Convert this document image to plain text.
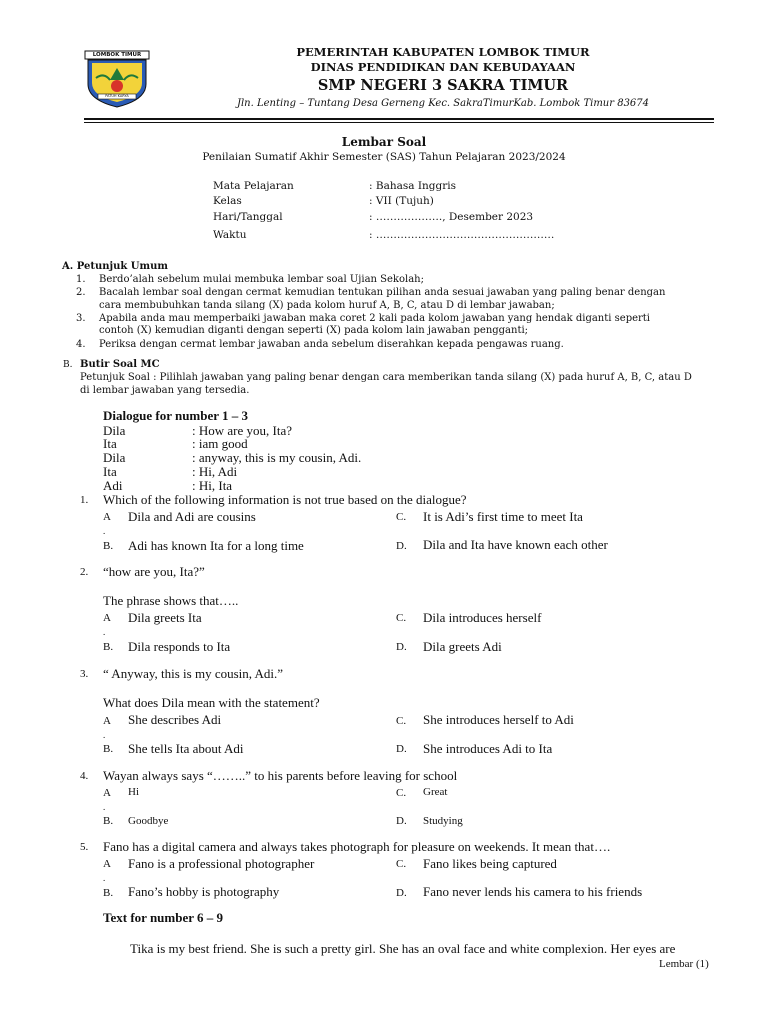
LOMBOK TIMUR
PATUH KARYA
PEMERINTAH KABUPATEN LOMBOK TIMUR
DINAS PENDIDIKAN DAN KEBUDAYAAN
SMP NEGERI 3 SAKRA TIMUR
Jln. Lenting – Tuntang Desa Gerneng Kec. SakraTimurKab. Lombok Timur 83674
Lembar Soal
Penilaian Sumatif Akhir Semester (SAS) Tahun Pelajaran 2023/2024
Mata Pelajaran	: Bahasa Inggris
Kelas	: VII (Tujuh)
Hari/Tanggal	: ………………., Desember 2023
Waktu	: ……………………………………………
A. Petunjuk Umum
1. Berdo’alah sebelum mulai membuka lembar soal Ujian Sekolah;
2. Bacalah lembar soal dengan cermat kemudian tentukan pilihan anda sesuai jawaban yang paling benar dengan
cara membubuhkan tanda silang (X) pada kolom huruf A, B, C, atau D di lembar jawaban;
3. Apabila anda mau memperbaiki jawaban maka coret 2 kali pada kolom jawaban yang hendak diganti seperti
contoh (X) kemudian diganti dengan seperti (X) pada kolom lain jawaban pengganti;
4. Periksa dengan cermat lembar jawaban anda sebelum diserahkan kepada pengawas ruang.
B. Butir Soal MC
Petunjuk Soal : Pilihlah jawaban yang paling benar dengan cara memberikan tanda silang (X) pada huruf A, B, C, atau D
di lembar jawaban yang tersedia.
Dialogue for number 1 – 3
Dila	: How are you, Ita?
Ita	: iam good
Dila	: anyway, this is my cousin, Adi.
Ita	: Hi, Adi
Adi	: Hi, Ita
1. Which of the following information is not true based on the dialogue?
A
.
Dila and Adi are cousins	C. It is Adi’s first time to meet Ita
B. Adi has known Ita for a long time	D. Dila and Ita have known each other
2. “how are you, Ita?”
The phrase shows that…..
A
.
Dila greets Ita	C. Dila introduces herself
B. Dila responds to Ita	D. Dila greets Adi
3. “ Anyway, this is my cousin, Adi.”
What does Dila mean with the statement?
A
.
She describes Adi	C. She introduces herself to Adi
B. She tells Ita about Adi	D. She introduces Adi to Ita
4. Wayan always says “……..” to his parents before leaving for school
A
.
Hi	C. Great
B. Goodbye	D. Studying
5. Fano has a digital camera and always takes photograph for pleasure on weekends. It mean that….
A
.
Fano is a professional photographer	C. Fano likes being captured
B. Fano’s hobby is photography	D. Fano never lends his camera to his friends
Text for number 6 – 9
Tika is my best friend. She is such a pretty girl. She has an oval face and white complexion. Her eyes are
Lembar (1)
